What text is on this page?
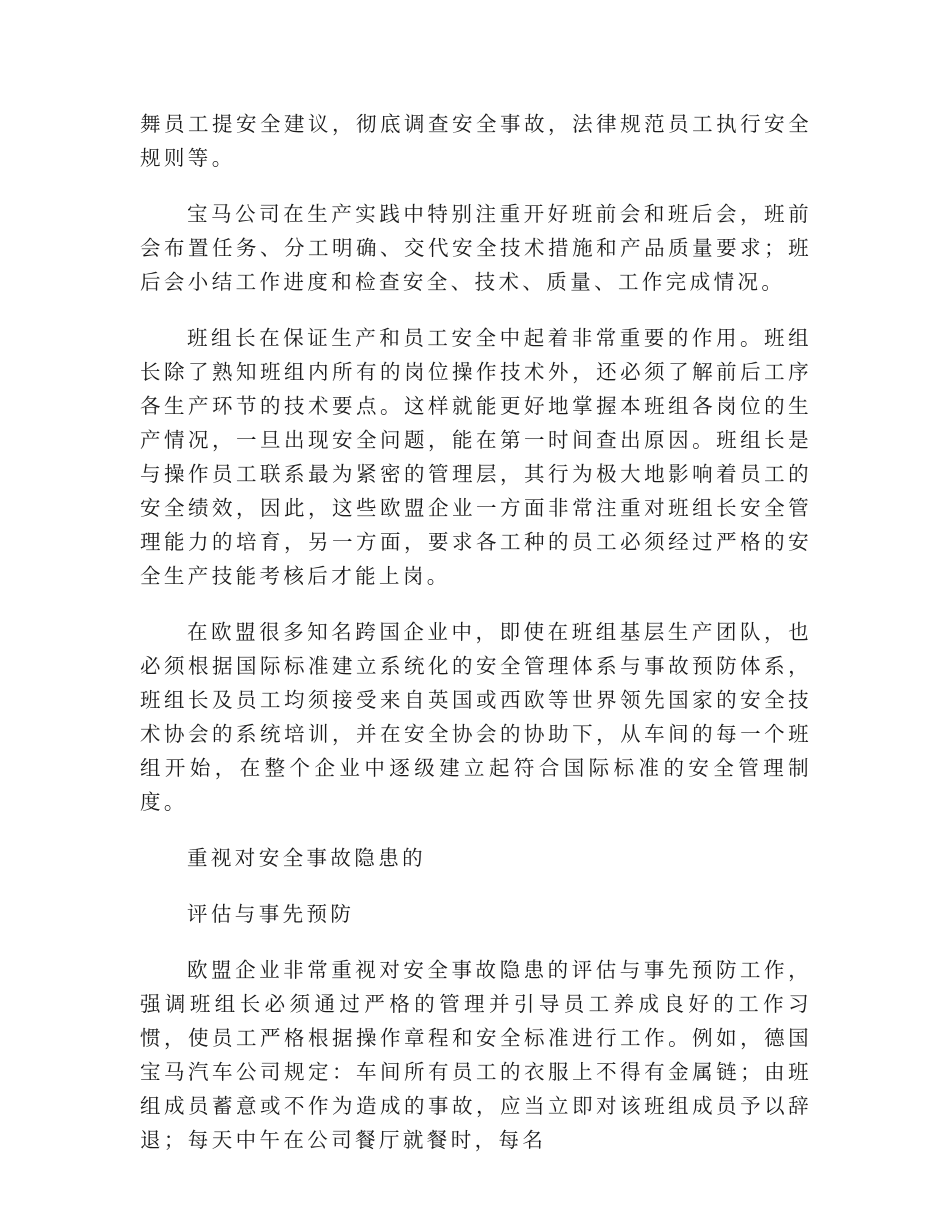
舞员工提安全建议，彻底调查安全事故，法律规范员工执行安全规则等。

宝马公司在生产实践中特别注重开好班前会和班后会，班前会布置任务、分工明确、交代安全技术措施和产品质量要求；班后会小结工作进度和检查安全、技术、质量、工作完成情况。

班组长在保证生产和员工安全中起着非常重要的作用。班组长除了熟知班组内所有的岗位操作技术外，还必须了解前后工序各生产环节的技术要点。这样就能更好地掌握本班组各岗位的生产情况，一旦出现安全问题，能在第一时间查出原因。班组长是与操作员工联系最为紧密的管理层，其行为极大地影响着员工的安全绩效，因此，这些欧盟企业一方面非常注重对班组长安全管理能力的培育，另一方面，要求各工种的员工必须经过严格的安全生产技能考核后才能上岗。

在欧盟很多知名跨国企业中，即使在班组基层生产团队，也必须根据国际标准建立系统化的安全管理体系与事故预防体系，班组长及员工均须接受来自英国或西欧等世界领先国家的安全技术协会的系统培训，并在安全协会的协助下，从车间的每一个班组开始，在整个企业中逐级建立起符合国际标准的安全管理制度。

重视对安全事故隐患的

评估与事先预防

欧盟企业非常重视对安全事故隐患的评估与事先预防工作，强调班组长必须通过严格的管理并引导员工养成良好的工作习惯，使员工严格根据操作章程和安全标准进行工作。例如，德国宝马汽车公司规定：车间所有员工的衣服上不得有金属链；由班组成员蓄意或不作为造成的事故，应当立即对该班组成员予以辞退；每天中午在公司餐厅就餐时，每名
